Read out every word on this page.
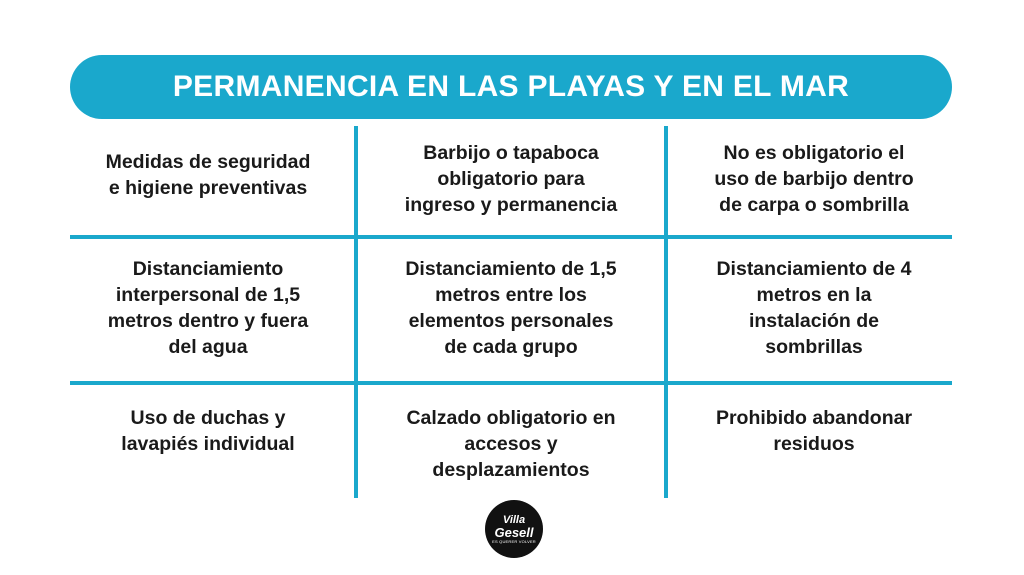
PERMANENCIA EN LAS PLAYAS Y EN EL MAR
Medidas de seguridad
e higiene preventivas
Barbijo o tapaboca
obligatorio para
ingreso y permanencia
No es obligatorio el
uso de barbijo dentro
de carpa o sombrilla
Distanciamiento
interpersonal de 1,5
metros dentro y fuera
del agua
Distanciamiento de 1,5
metros entre los
elementos personales
de cada grupo
Distanciamiento de 4
metros en la
instalación de
sombrillas
Uso de duchas y
lavapiés individual
Calzado obligatorio en
accesos y
desplazamientos
Prohibido abandonar
residuos
Villa
Gesell
ES QUERER VOLVER
